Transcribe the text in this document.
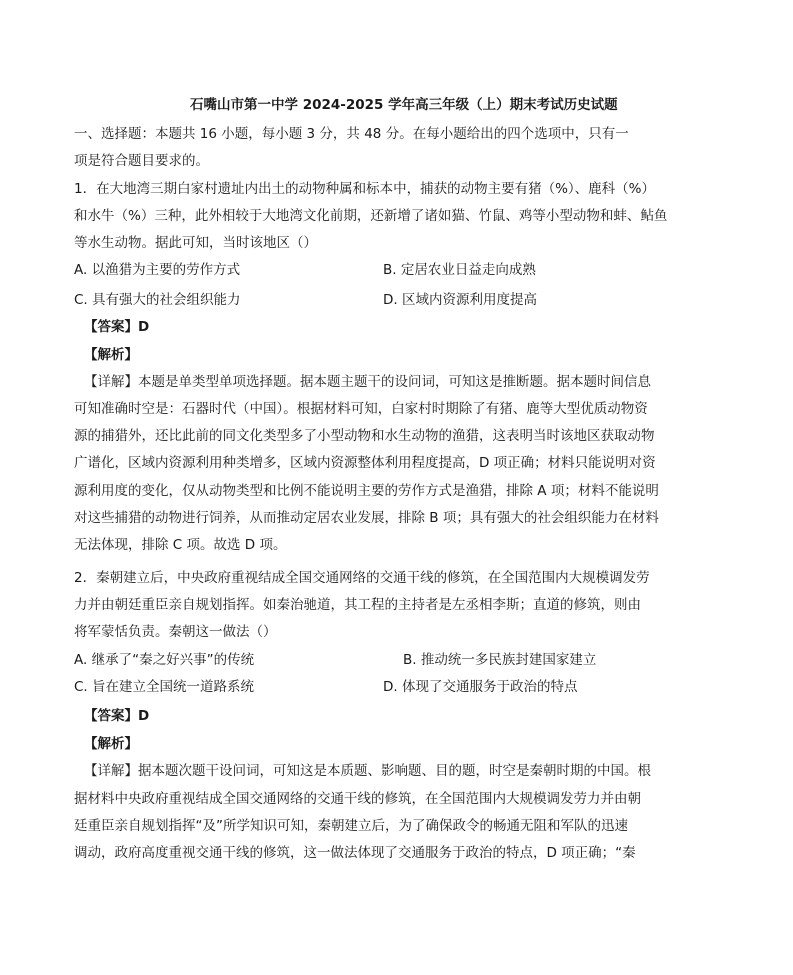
石嘴山市第一中学 2024-2025 学年高三年级（上）期末考试历史试题
一、选择题：本题共 16 小题，每小题 3 分，共 48 分。在每小题给出的四个选项中，只有一
项是符合题目要求的。
1．在大地湾三期白家村遗址内出土的动物种属和标本中，捕获的动物主要有猪（%）、鹿科（%）
和水牛（%）三种，此外相较于大地湾文化前期，还新增了诸如猫、竹鼠、鸡等小型动物和蚌、鲇鱼
等水生动物。据此可知，当时该地区（）
A. 以渔猎为主要的劳作方式	B. 定居农业日益走向成熟
C. 具有强大的社会组织能力	D. 区域内资源利用度提高
【答案】D
【解析】
【详解】本题是单类型单项选择题。据本题主题干的设问词，可知这是推断题。据本题时间信息
可知准确时空是：石器时代（中国）。根据材料可知，白家村时期除了有猪、鹿等大型优质动物资
源的捕猎外，还比此前的同文化类型多了小型动物和水生动物的渔猎，这表明当时该地区获取动物
广谱化，区域内资源利用种类增多，区域内资源整体利用程度提高，D 项正确；材料只能说明对资
源利用度的变化，仅从动物类型和比例不能说明主要的劳作方式是渔猎，排除 A 项；材料不能说明
对这些捕猎的动物进行饲养，从而推动定居农业发展，排除 B 项；具有强大的社会组织能力在材料
无法体现，排除 C 项。故选 D 项。
2．秦朝建立后，中央政府重视结成全国交通网络的交通干线的修筑，在全国范围内大规模调发劳
力并由朝廷重臣亲自规划指挥。如秦治驰道，其工程的主持者是左丞相李斯；直道的修筑，则由
将军蒙恬负责。秦朝这一做法（）
A. 继承了“秦之好兴事”的传统	B. 推动统一多民族封建国家建立
C. 旨在建立全国统一道路系统	D. 体现了交通服务于政治的特点
【答案】D
【解析】
【详解】据本题次题干设问词，可知这是本质题、影响题、目的题，时空是秦朝时期的中国。根
据材料中央政府重视结成全国交通网络的交通干线的修筑，在全国范围内大规模调发劳力并由朝
廷重臣亲自规划指挥“及”所学知识可知，秦朝建立后，为了确保政令的畅通无阻和军队的迅速
调动，政府高度重视交通干线的修筑，这一做法体现了交通服务于政治的特点，D 项正确；“秦
